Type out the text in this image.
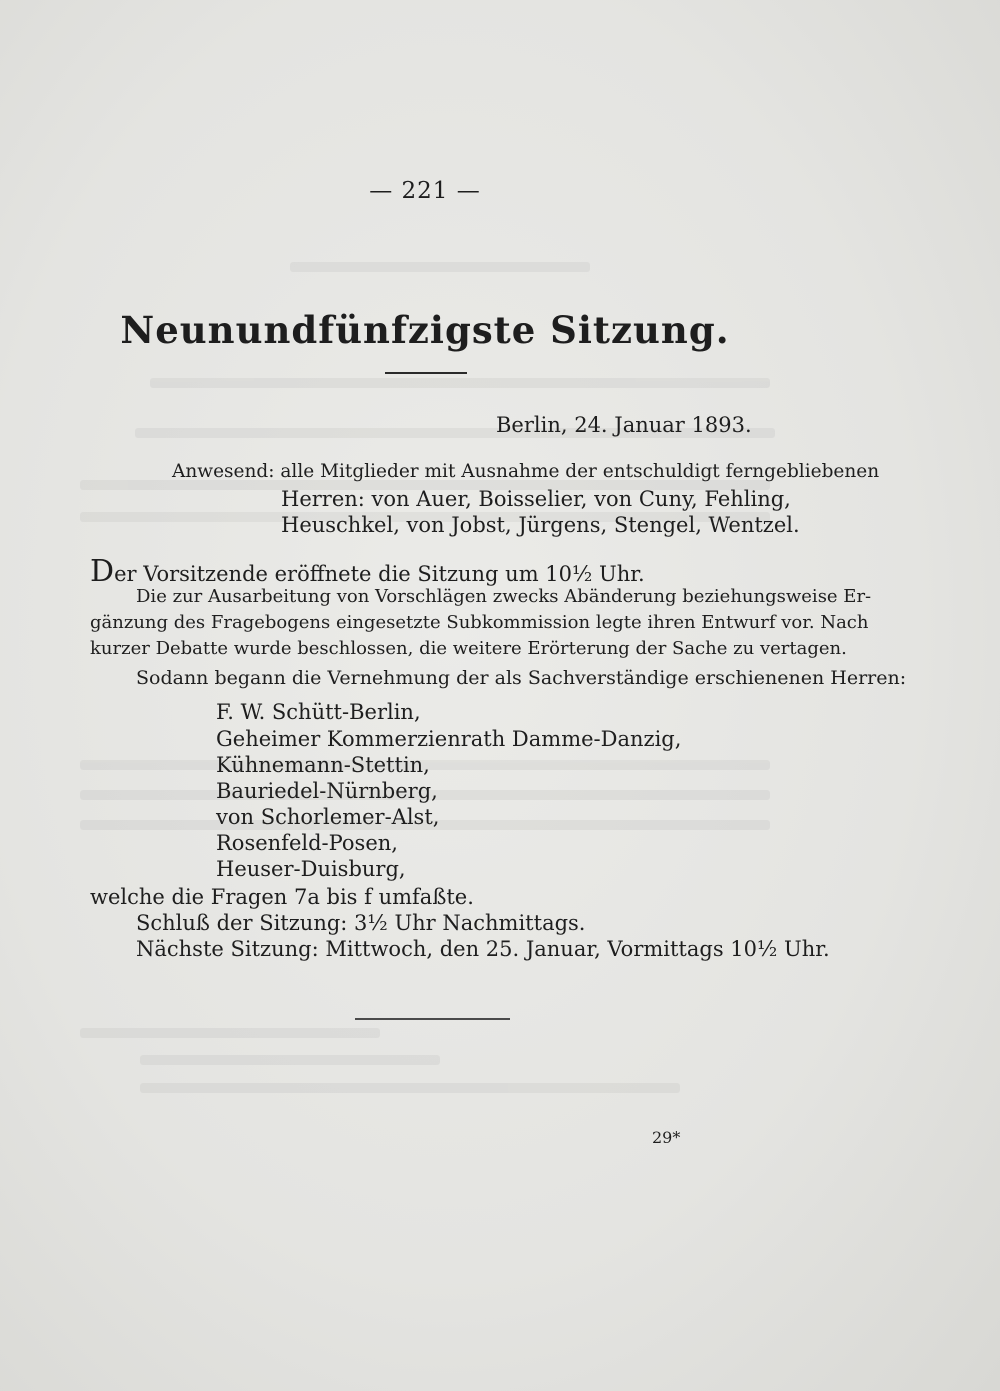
— 221 —
Neunundfünfzigste Sitzung.
Berlin, 24. Januar 1893.
Anwesend: alle Mitglieder mit Ausnahme der entschuldigt ferngebliebenen
Herren: von Auer, Boisselier, von Cuny, Fehling,
Heuschkel, von Jobst, Jürgens, Stengel, Wentzel.
Der Vorsitzende eröffnete die Sitzung um 10½ Uhr.
Die zur Ausarbeitung von Vorschlägen zwecks Abänderung beziehungsweise Er-
gänzung des Fragebogens eingesetzte Subkommission legte ihren Entwurf vor. Nach
kurzer Debatte wurde beschlossen, die weitere Erörterung der Sache zu vertagen.
Sodann begann die Vernehmung der als Sachverständige erschienenen Herren:
F. W. Schütt-Berlin,
Geheimer Kommerzienrath Damme-Danzig,
Kühnemann-Stettin,
Bauriedel-Nürnberg,
von Schorlemer-Alst,
Rosenfeld-Posen,
Heuser-Duisburg,
welche die Fragen 7a bis f umfaßte.
Schluß der Sitzung: 3½ Uhr Nachmittags.
Nächste Sitzung: Mittwoch, den 25. Januar, Vormittags 10½ Uhr.
29*
